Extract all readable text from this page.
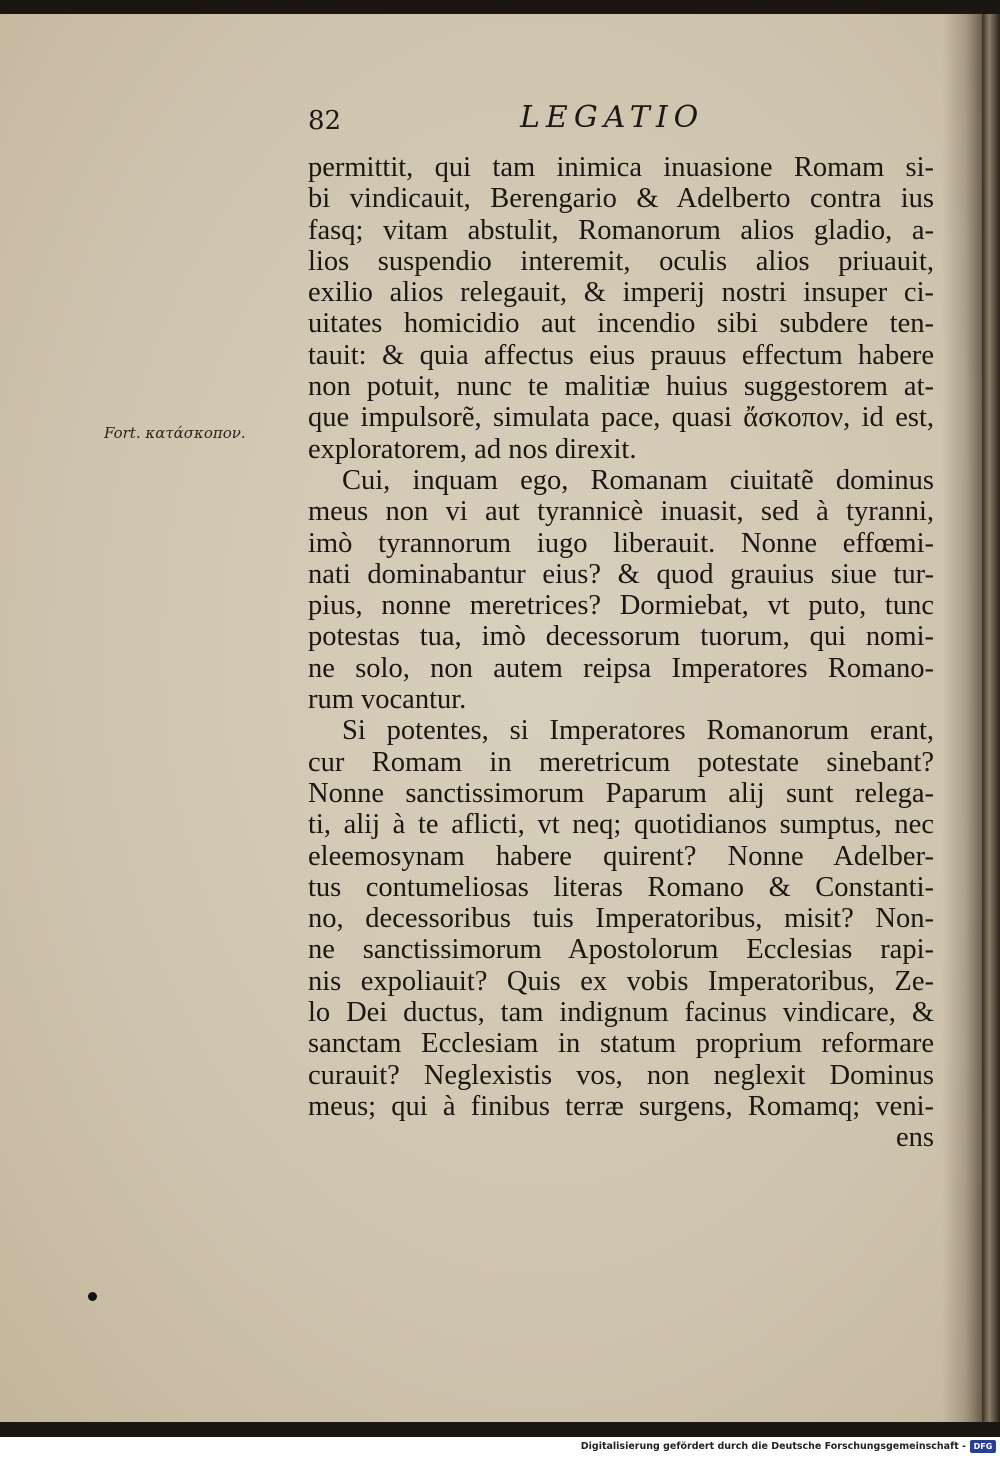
82	LEGATIO
Fort. κατάσκοπον.
permittit, qui tam inimica inuasione Romam si-
bi vindicauit, Berengario & Adelberto contra ius
fasq; vitam abstulit, Romanorum alios gladio, a-
lios suspendio interemit, oculis alios priuauit,
exilio alios relegauit, & imperij nostri insuper ci-
uitates homicidio aut incendio sibi subdere ten-
tauit: & quia affectus eius prauus effectum habere
non potuit, nunc te malitiæ huius suggestorem at-
que impulsorẽ, simulata pace, quasi ἄσκοπον, id est,
exploratorem, ad nos direxit.
Cui, inquam ego, Romanam ciuitatẽ dominus
meus non vi aut tyrannicè inuasit, sed à tyranni,
imò tyrannorum iugo liberauit. Nonne effœmi-
nati dominabantur eius? & quod grauius siue tur-
pius, nonne meretrices? Dormiebat, vt puto, tunc
potestas tua, imò decessorum tuorum, qui nomi-
ne solo, non autem reipsa Imperatores Romano-
rum vocantur.
Si potentes, si Imperatores Romanorum erant,
cur Romam in meretricum potestate sinebant?
Nonne sanctissimorum Paparum alij sunt relega-
ti, alij à te aflicti, vt neq; quotidianos sumptus, nec
eleemosynam habere quirent? Nonne Adelber-
tus contumeliosas literas Romano & Constanti-
no, decessoribus tuis Imperatoribus, misit? Non-
ne sanctissimorum Apostolorum Ecclesias rapi-
nis expoliauit? Quis ex vobis Imperatoribus, Ze-
lo Dei ductus, tam indignum facinus vindicare, &
sanctam Ecclesiam in statum proprium reformare
curauit? Neglexistis vos, non neglexit Dominus
meus; qui à finibus terræ surgens, Romamq; veni-
ens
Digitalisierung gefördert durch die Deutsche Forschungsgemeinschaft - DFG
